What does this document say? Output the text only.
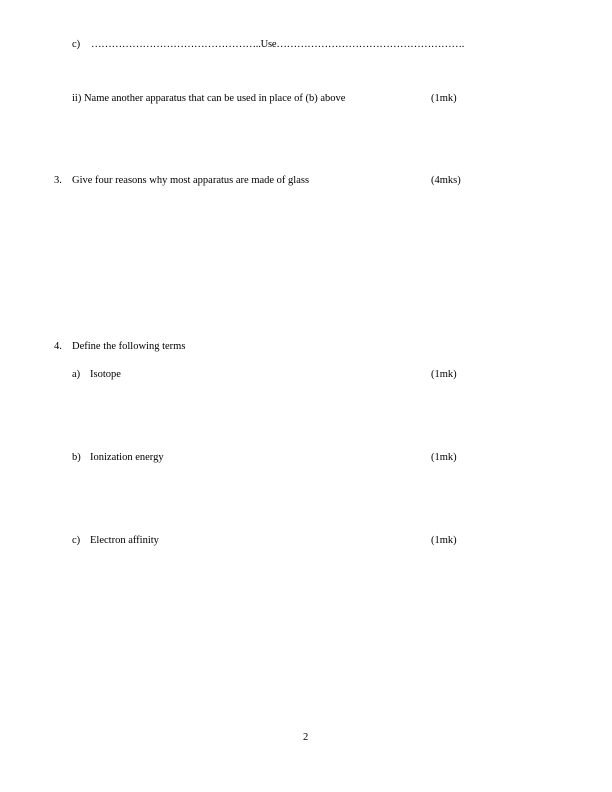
c) …………………………………………..Use……………………………………………….
ii) Name another apparatus that can be used in place of (b) above	(1mk)
3. Give four reasons why most apparatus are made of glass	(4mks)
4. Define the following terms
a) Isotope	(1mk)
b) Ionization energy	(1mk)
c) Electron affinity	(1mk)
2
